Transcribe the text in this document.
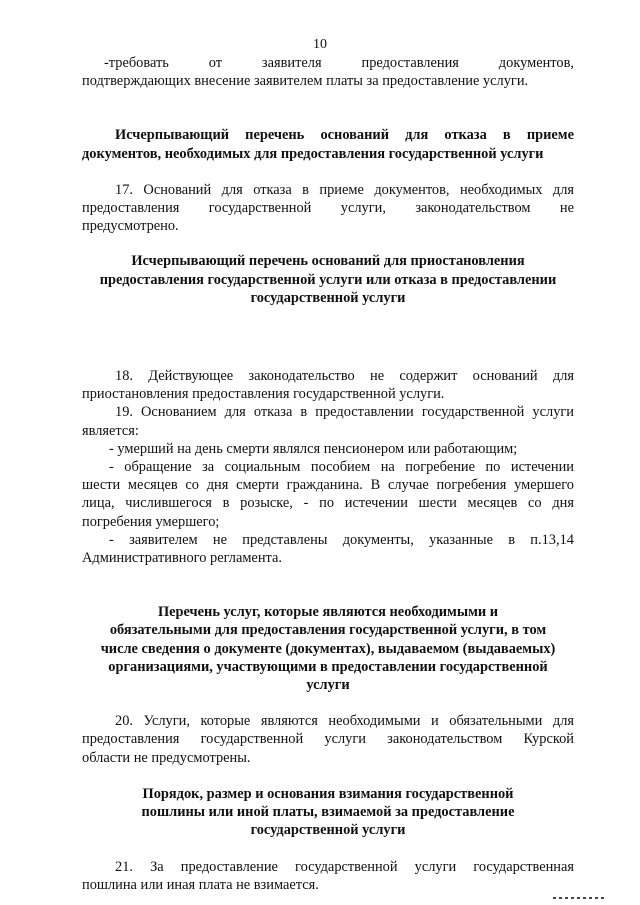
10

-требовать от заявителя предоставления документов,

подтверждающих внесение заявителем платы за предоставление услуги.

Исчерпывающий перечень оснований для отказа в приеме
документов, необходимых для предоставления государственной услуги

17. Оснований для отказа в приеме документов, необходимых для

предоставления государственной услуги, законодательством не

предусмотрено.

Исчерпывающий перечень оснований для приостановления
предоставления государственной услуги или отказа в предоставлении
государственной услуги

18. Действующее законодательство не содержит оснований для

приостановления предоставления государственной услуги.

19. Основанием для отказа в предоставлении государственной услуги

является:

- умерший на день смерти являлся пенсионером или работающим;

- обращение за социальным пособием на погребение по истечении

шести месяцев со дня смерти гражданина. В случае погребения умершего

лица, числившегося в розыске, - по истечении шести месяцев со дня

погребения умершего;

- заявителем не представлены документы, указанные в п.13,14

Административного регламента.

Перечень услуг, которые являются необходимыми и
обязательными для предоставления государственной услуги, в том
числе сведения о документе (документах), выдаваемом (выдаваемых)
организациями, участвующими в предоставлении государственной
услуги

20. Услуги, которые являются необходимыми и обязательными для

предоставления государственной услуги законодательством Курской

области не предусмотрены.

Порядок, размер и основания взимания государственной
пошлины или иной платы, взимаемой за предоставление
государственной услуги

21. За предоставление государственной услуги государственная

пошлина или иная плата не взимается.
